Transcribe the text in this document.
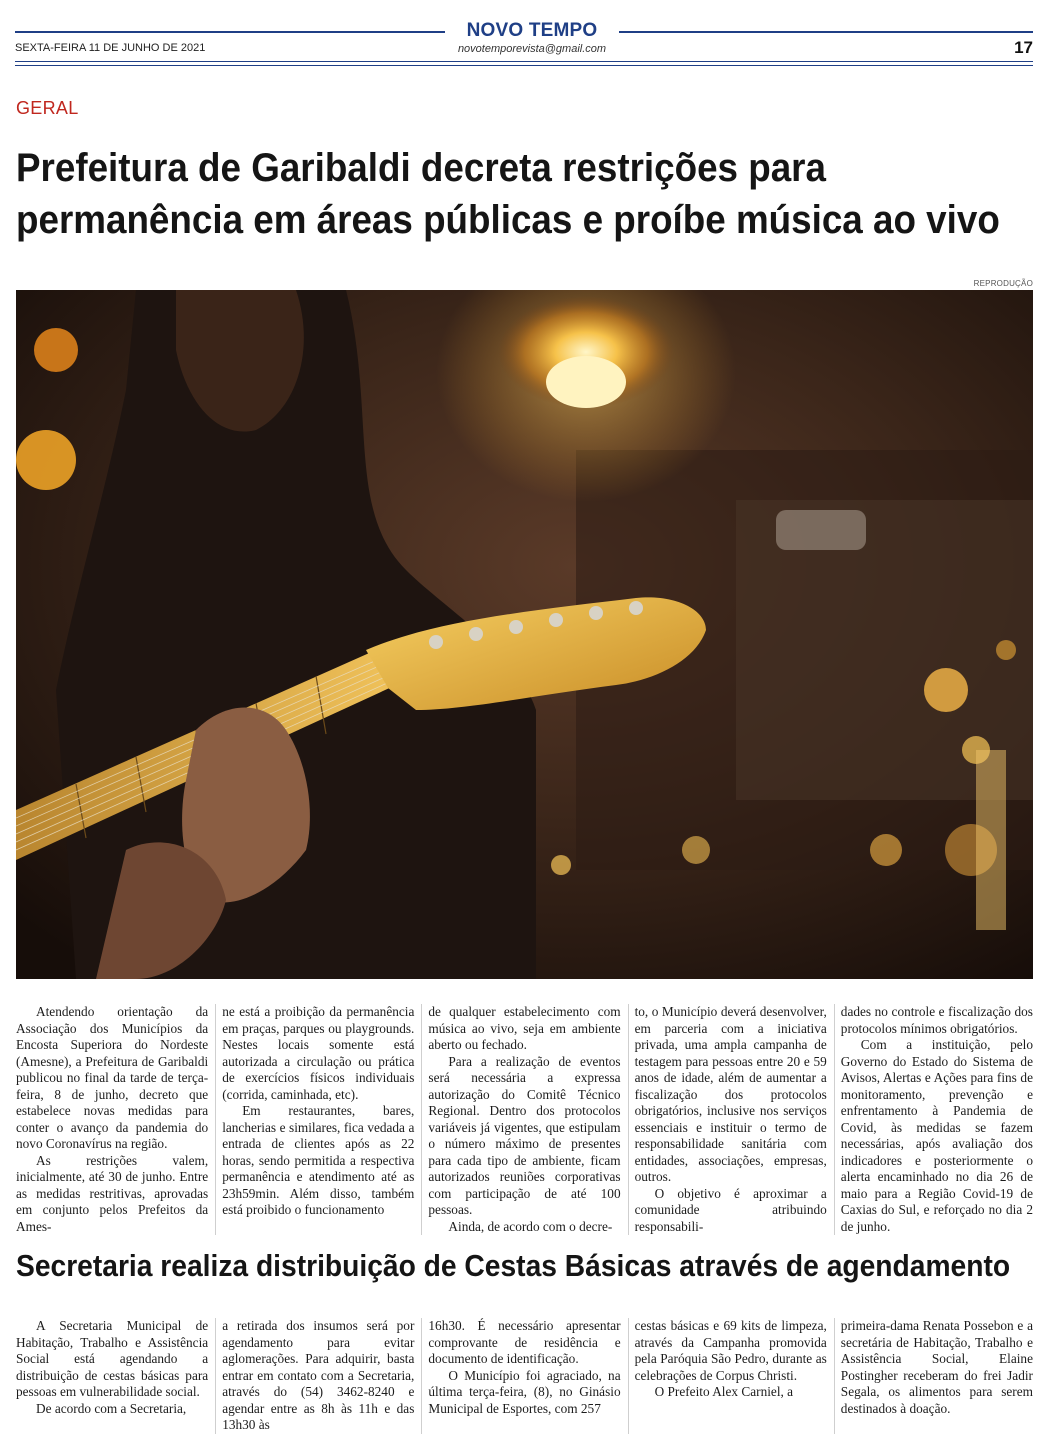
NOVO TEMPO
SEXTA-FEIRA 11 DE JUNHO DE 2021	novotemporevista@gmail.com	17
GERAL
Prefeitura de Garibaldi decreta restrições para
permanência em áreas públicas e proíbe música ao vivo
REPRODUÇÃO

Atendendo orientação da Associação dos Municípios da Encosta Superiora do Nordeste (Amesne), a Prefeitura de Garibaldi publicou no final da tarde de terça-feira, 8 de junho, decreto que estabelece novas medidas para conter o avanço da pandemia do novo Coronavírus na região.

As restrições valem, inicialmente, até 30 de junho. Entre as medidas restritivas, aprovadas em conjunto pelos Prefeitos da Ames-

ne está a proibição da permanência em praças, parques ou playgrounds. Nestes locais somente está autorizada a circulação ou prática de exercícios físicos individuais (corrida, caminhada, etc).

Em restaurantes, bares, lancherias e similares, fica vedada a entrada de clientes após as 22 horas, sendo permitida a respectiva permanência e atendimento até as 23h59min. Além disso, também está proibido o funcionamento

de qualquer estabelecimento com música ao vivo, seja em ambiente aberto ou fechado.

Para a realização de eventos será necessária a expressa autorização do Comitê Técnico Regional. Dentro dos protocolos variáveis já vigentes, que estipulam o número máximo de presentes para cada tipo de ambiente, ficam autorizados reuniões corporativas com participação de até 100 pessoas.

Ainda, de acordo com o decre-

to, o Município deverá desenvolver, em parceria com a iniciativa privada, uma ampla campanha de testagem para pessoas entre 20 e 59 anos de idade, além de aumentar a fiscalização dos protocolos obrigatórios, inclusive nos serviços essenciais e instituir o termo de responsabilidade sanitária com entidades, associações, empresas, outros.

O objetivo é aproximar a comunidade atribuindo responsabili-

dades no controle e fiscalização dos protocolos mínimos obrigatórios.

Com a instituição, pelo Governo do Estado do Sistema de Avisos, Alertas e Ações para fins de monitoramento, prevenção e enfrentamento à Pandemia de Covid, às medidas se fazem necessárias, após avaliação dos indicadores e posteriormente o alerta encaminhado no dia 26 de maio para a Região Covid-19 de Caxias do Sul, e reforçado no dia 2 de junho.

Secretaria realiza distribuição de Cestas Básicas através de agendamento

A Secretaria Municipal de Habitação, Trabalho e Assistência Social está agendando a distribuição de cestas básicas para pessoas em vulnerabilidade social.

De acordo com a Secretaria,

a retirada dos insumos será por agendamento para evitar aglomerações. Para adquirir, basta entrar em contato com a Secretaria, através do (54) 3462-8240 e agendar entre as 8h às 11h e das 13h30 às

16h30. É necessário apresentar comprovante de residência e documento de identificação.

O Município foi agraciado, na última terça-feira, (8), no Ginásio Municipal de Esportes, com 257

cestas básicas e 69 kits de limpeza, através da Campanha promovida pela Paróquia São Pedro, durante as celebrações de Corpus Christi.

O Prefeito Alex Carniel, a

primeira-dama Renata Possebon e a secretária de Habitação, Trabalho e Assistência Social, Elaine Postingher receberam do frei Jadir Segala, os alimentos para serem destinados à doação.
